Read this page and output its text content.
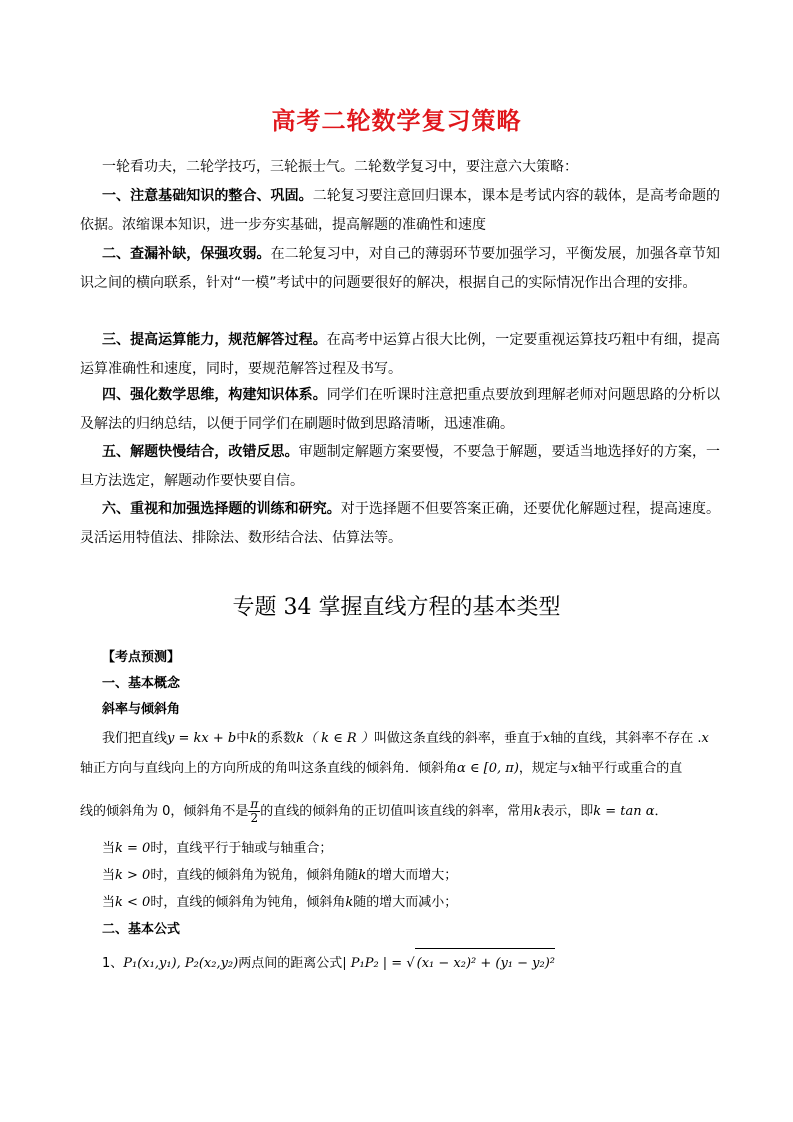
高考二轮数学复习策略
一轮看功夫，二轮学技巧，三轮振士气。二轮数学复习中，要注意六大策略：
一、注意基础知识的整合、巩固。二轮复习要注意回归课本，课本是考试内容的载体，是高考命题的依据。浓缩课本知识，进一步夯实基础，提高解题的准确性和速度
二、查漏补缺，保强攻弱。在二轮复习中，对自己的薄弱环节要加强学习，平衡发展，加强各章节知识之间的横向联系，针对“一模”考试中的问题要很好的解决，根据自己的实际情况作出合理的安排。
三、提高运算能力，规范解答过程。在高考中运算占很大比例，一定要重视运算技巧粗中有细，提高运算准确性和速度，同时，要规范解答过程及书写。
四、强化数学思维，构建知识体系。同学们在听课时注意把重点要放到理解老师对问题思路的分析以及解法的归纳总结，以便于同学们在刷题时做到思路清晰，迅速准确。
五、解题快慢结合，改错反思。审题制定解题方案要慢，不要急于解题，要适当地选择好的方案，一旦方法选定，解题动作要快要自信。
六、重视和加强选择题的训练和研究。对于选择题不但要答案正确，还要优化解题过程，提高速度。灵活运用特值法、排除法、数形结合法、估算法等。
专题 34 掌握直线方程的基本类型
【考点预测】
一、基本概念
斜率与倾斜角
我们把直线y = kx + b中k的系数k（ k ∈ R ）叫做这条直线的斜率，垂直于x轴的直线，其斜率不存在 .x
轴正方向与直线向上的方向所成的角叫这条直线的倾斜角．倾斜角α ∈ [0, π)，规定与x轴平行或重合的直
线的倾斜角为 0，倾斜角不是 $\frac{\pi}{2}$ 的直线的倾斜角的正切值叫该直线的斜率，常用k表示，即k = tan α．
当k = 0时，直线平行于轴或与轴重合；
当k > 0时，直线的倾斜角为锐角，倾斜角随k的增大而增大；
当k < 0时，直线的倾斜角为钝角，倾斜角k随的增大而减小；
二、基本公式
1、P₁(x₁,y₁), P₂(x₂,y₂)两点间的距离公式| P₁P₂ | = √ (x₁ − x₂)² + (y₁ − y₂)²
